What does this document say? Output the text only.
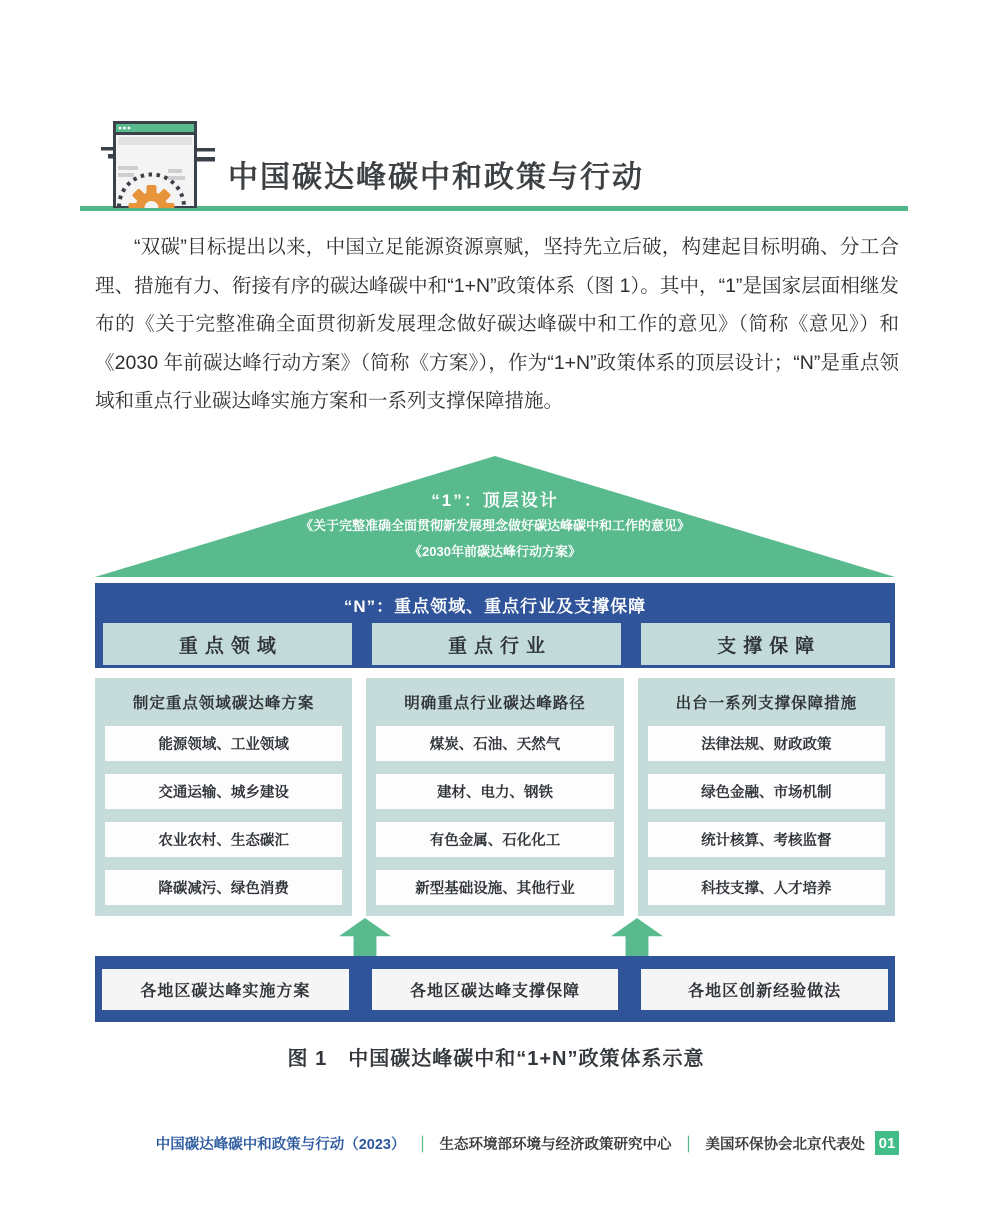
中国碳达峰碳中和政策与行动

“双碳”目标提出以来，中国立足能源资源禀赋，坚持先立后破，构建起目标明确、分工合理、措施有力、衔接有序的碳达峰碳中和“1+N”政策体系（图 1）。其中，“1”是国家层面相继发布的《关于完整准确全面贯彻新发展理念做好碳达峰碳中和工作的意见》（简称《意见》）和《2030 年前碳达峰行动方案》（简称《方案》），作为“1+N”政策体系的顶层设计；“N”是重点领域和重点行业碳达峰实施方案和一系列支撑保障措施。

“1”：顶层设计
《关于完整准确全面贯彻新发展理念做好碳达峰碳中和工作的意见》
《2030年前碳达峰行动方案》
“N”：重点领域、重点行业及支撑保障
重点领域	重点行业	支撑保障
制定重点领域碳达峰方案
能源领域、工业领域
交通运输、城乡建设
农业农村、生态碳汇
降碳减污、绿色消费
明确重点行业碳达峰路径
煤炭、石油、天然气
建材、电力、钢铁
有色金属、石化化工
新型基础设施、其他行业
出台一系列支撑保障措施
法律法规、财政政策
绿色金融、市场机制
统计核算、考核监督
科技支撑、人才培养
各地区碳达峰实施方案	各地区碳达峰支撑保障	各地区创新经验做法
图 1　中国碳达峰碳中和“1+N”政策体系示意
中国碳达峰碳中和政策与行动（2023） ｜ 生态环境部环境与经济政策研究中心 ｜ 美国环保协会北京代表处 01
